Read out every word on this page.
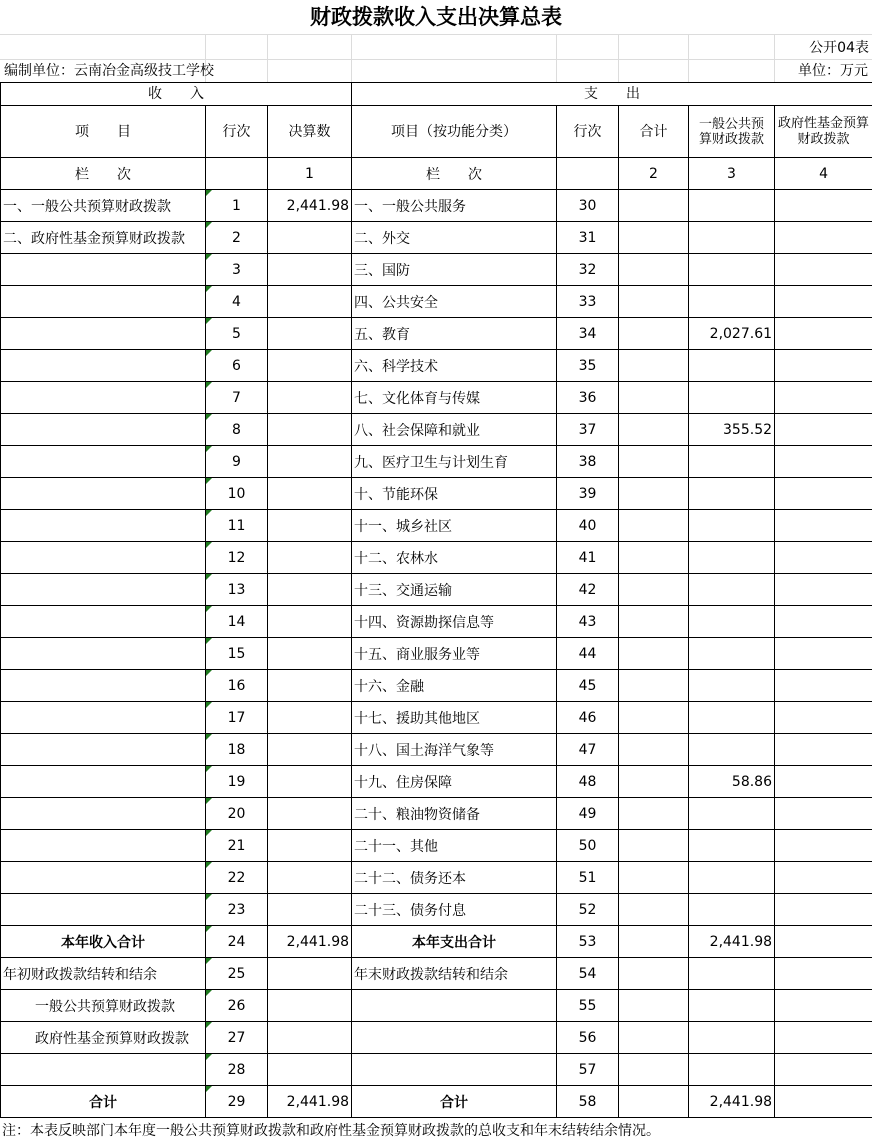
财政拨款收入支出决算总表
公开04表
编制单位：云南冶金高级技工学校	单位：万元
收　　入			支　　出				
项　　目	行次	决算数	项目（按功能分类）	行次	合计	一般公共预算财政拨款	政府性基金预算财政拨款
栏　　次		1	栏　　次		2	3	4
一、一般公共预算财政拨款	1	2,441.98	一、一般公共服务	30			
二、政府性基金预算财政拨款	2		二、外交	31			
	3		三、国防	32			
	4		四、公共安全	33			
	5		五、教育	34		2,027.61	
	6		六、科学技术	35			
	7		七、文化体育与传媒	36			
	8		八、社会保障和就业	37		355.52	
	9		九、医疗卫生与计划生育	38			
	10		十、节能环保	39			
	11		十一、城乡社区	40			
	12		十二、农林水	41			
	13		十三、交通运输	42			
	14		十四、资源勘探信息等	43			
	15		十五、商业服务业等	44			
	16		十六、金融	45			
	17		十七、援助其他地区	46			
	18		十八、国土海洋气象等	47			
	19		十九、住房保障	48		58.86	
	20		二十、粮油物资储备	49			
	21		二十一、其他	50			
	22		二十二、债务还本	51			
	23		二十三、债务付息	52			
本年收入合计	24	2,441.98	本年支出合计	53		2,441.98	
年初财政拨款结转和结余	25		年末财政拨款结转和结余	54			
一般公共预算财政拨款	26			55			
政府性基金预算财政拨款	27			56			
	28			57			
合计	29	2,441.98	合计	58		2,441.98	
注：本表反映部门本年度一般公共预算财政拨款和政府性基金预算财政拨款的总收支和年末结转结余情况。
